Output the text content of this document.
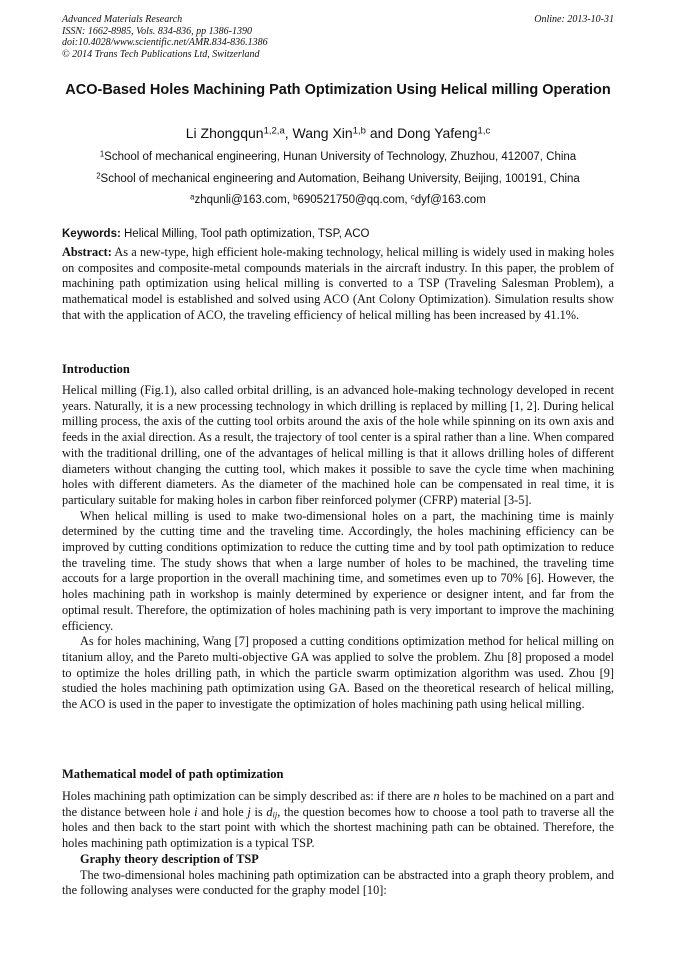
Advanced Materials Research
ISSN: 1662-8985, Vols. 834-836, pp 1386-1390
doi:10.4028/www.scientific.net/AMR.834-836.1386
© 2014 Trans Tech Publications Ltd, Switzerland
Online: 2013-10-31
ACO-Based Holes Machining Path Optimization Using Helical milling Operation
Li Zhongqun$^{1,2,a}$, Wang Xin$^{1,b}$ and Dong Yafeng$^{1,c}$
$^1$School of mechanical engineering, Hunan University of Technology, Zhuzhou, 412007, China
$^2$School of mechanical engineering and Automation, Beihang University, Beijing, 100191, China
$^a$zhqunli@163.com, $^b$690521750@qq.com, $^c$dyf@163.com
Keywords: Helical Milling, Tool path optimization, TSP, ACO

Abstract: As a new-type, high efficient hole-making technology, helical milling is widely used in making holes on composites and composite-metal compounds materials in the aircraft industry. In this paper, the problem of machining path optimization using helical milling is converted to a TSP (Traveling Salesman Problem), a mathematical model is established and solved using ACO (Ant Colony Optimization). Simulation results show that with the application of ACO, the traveling efficiency of helical milling has been increased by 41.1%.

Introduction

Helical milling (Fig.1), also called orbital drilling, is an advanced hole-making technology developed in recent years. Naturally, it is a new processing technology in which drilling is replaced by milling [1, 2]. During helical milling process, the axis of the cutting tool orbits around the axis of the hole while spinning on its own axis and feeds in the axial direction. As a result, the trajectory of tool center is a spiral rather than a line. When compared with the traditional drilling, one of the advantages of helical milling is that it allows drilling holes of different diameters without changing the cutting tool, which makes it possible to save the cycle time when machining holes with different diameters. As the diameter of the machined hole can be compensated in real time, it is particulary suitable for making holes in carbon fiber reinforced polymer (CFRP) material [3-5].

When helical milling is used to make two-dimensional holes on a part, the machining time is mainly determined by the cutting time and the traveling time. Accordingly, the holes machining efficiency can be improved by cutting conditions optimization to reduce the cutting time and by tool path optimization to reduce the traveling time. The study shows that when a large number of holes to be machined, the traveling time accouts for a large proportion in the overall machining time, and sometimes even up to 70% [6]. However, the holes machining path in workshop is mainly determined by experience or designer intent, and far from the optimal result. Therefore, the optimization of holes machining path is very important to improve the machining efficiency.

As for holes machining, Wang [7] proposed a cutting conditions optimization method for helical milling on titanium alloy, and the Pareto multi-objective GA was applied to solve the problem. Zhu [8] proposed a model to optimize the holes drilling path, in which the particle swarm optimization algorithm was used. Zhou [9] studied the holes machining path optimization using GA. Based on the theoretical research of helical milling, the ACO is used in the paper to investigate the optimization of holes machining path using helical milling.

Mathematical model of path optimization

Holes machining path optimization can be simply described as: if there are n holes to be machined on a part and the distance between hole i and hole j is $d_{ij}$, the question becomes how to choose a tool path to traverse all the holes and then back to the start point with which the shortest machining path can be obtained. Therefore, the holes machining path optimization is a typical TSP.

Graphy theory description of TSP

The two-dimensional holes machining path optimization can be abstracted into a graph theory problem, and the following analyses were conducted for the graphy model [10]:
